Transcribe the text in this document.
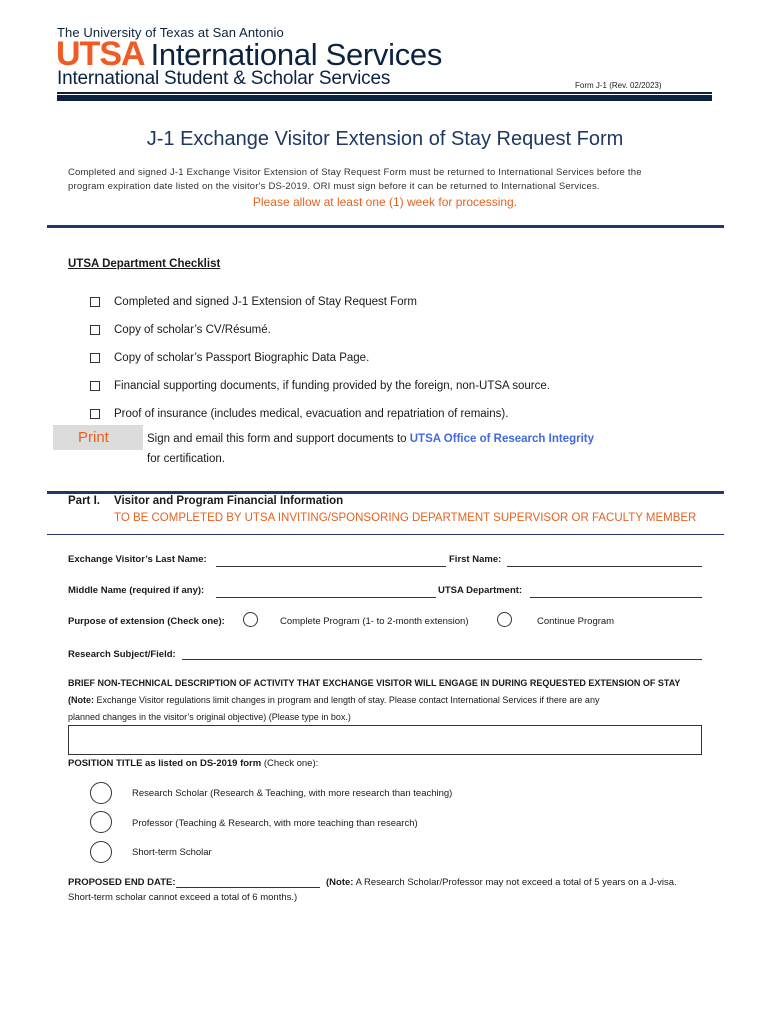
The University of Texas at San Antonio
UTSA International Services
International Student & Scholar Services	Form J-1 (Rev. 02/2023)
J-1 Exchange Visitor Extension of Stay Request Form
Completed and signed J-1 Exchange Visitor Extension of Stay Request Form must be returned to International Services before the
program expiration date listed on the visitor's DS-2019. ORI must sign before it can be returned to International Services.
Please allow at least one (1) week for processing.
UTSA Department Checklist
Completed and signed J-1 Extension of Stay Request Form
Copy of scholar’s CV/Résumé.
Copy of scholar’s Passport Biographic Data Page.
Financial supporting documents, if funding provided by the foreign, non-UTSA source.
Proof of insurance (includes medical, evacuation and repatriation of remains).
Print	Sign and email this form and support documents to UTSA Office of Research Integrity
for certification.
Part I. Visitor and Program Financial Information
TO BE COMPLETED BY UTSA INVITING/SPONSORING DEPARTMENT SUPERVISOR OR FACULTY MEMBER
Exchange Visitor’s Last Name:	First Name:
Middle Name (required if any):	UTSA Department:
Purpose of extension (Check one):	Complete Program (1- to 2-month extension)	Continue Program
Research Subject/Field:
BRIEF NON-TECHNICAL DESCRIPTION OF ACTIVITY THAT EXCHANGE VISITOR WILL ENGAGE IN DURING REQUESTED EXTENSION OF STAY
(Note: Exchange Visitor regulations limit changes in program and length of stay. Please contact International Services if there are any
planned changes in the visitor’s original objective) (Please type in box.)
POSITION TITLE as listed on DS-2019 form (Check one):
Research Scholar (Research & Teaching, with more research than teaching)
Professor (Teaching & Research, with more teaching than research)
Short-term Scholar
PROPOSED END DATE:	(Note: A Research Scholar/Professor may not exceed a total of 5 years on a J-visa.
Short-term scholar cannot exceed a total of 6 months.)
